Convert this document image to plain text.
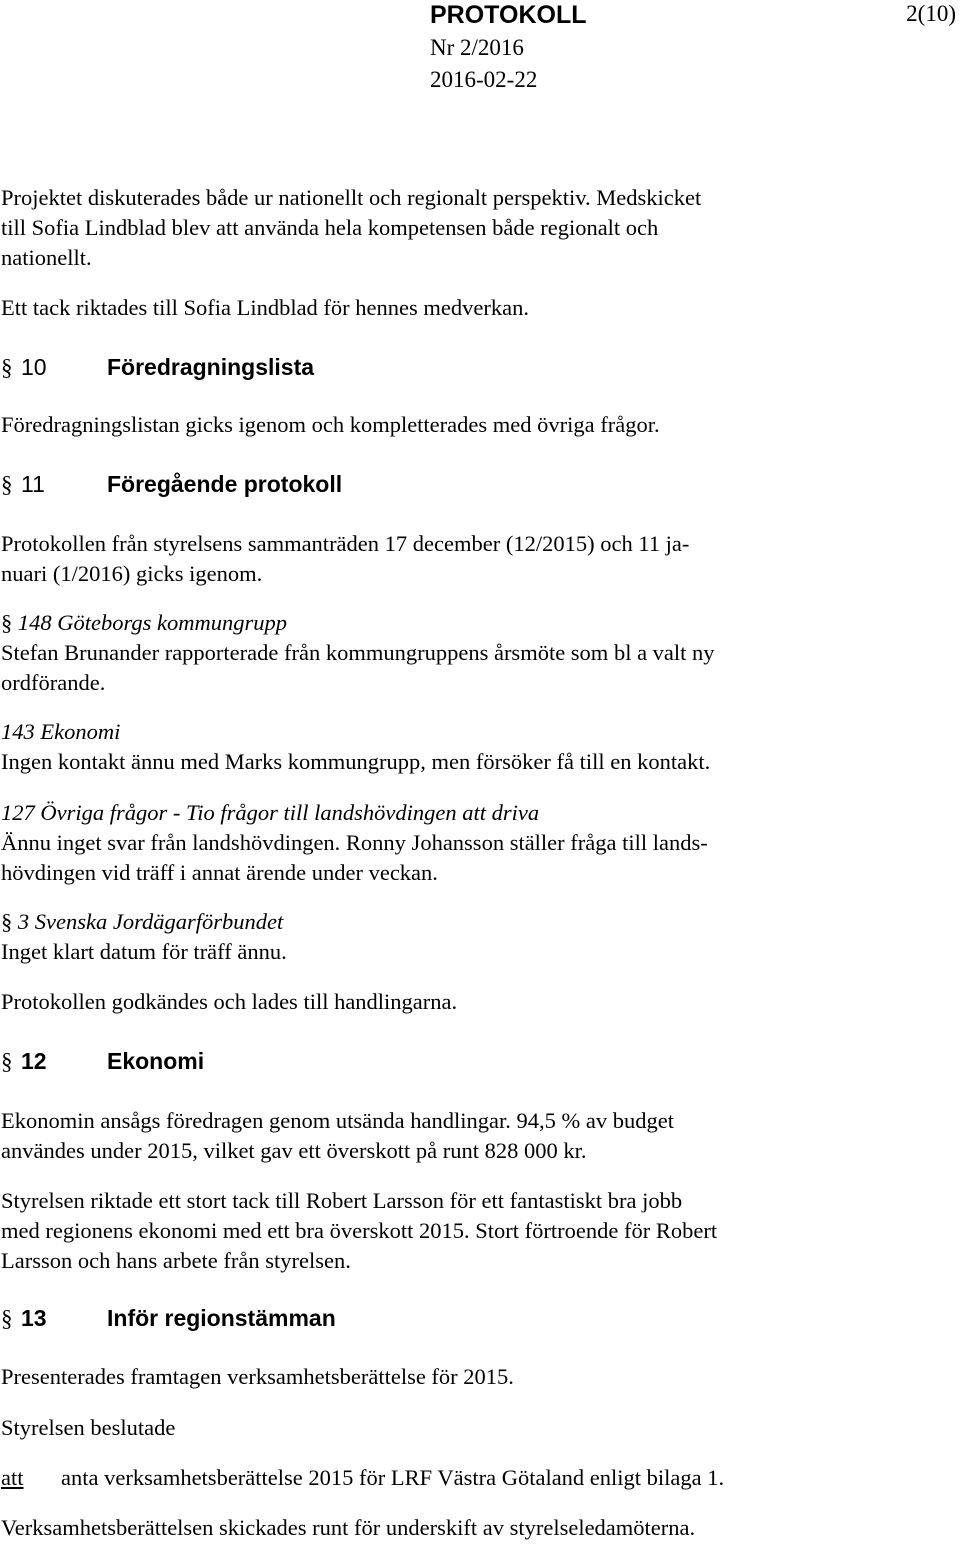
PROTOKOLL	2(10)
Nr 2/2016
2016-02-22
Projektet diskuterades både ur nationellt och regionalt perspektiv. Medskicket
till Sofia Lindblad blev att använda hela kompetensen både regionalt och
nationellt.
Ett tack riktades till Sofia Lindblad för hennes medverkan.
§ 10	Föredragningslista
Föredragningslistan gicks igenom och kompletterades med övriga frågor.
§ 11	Föregående protokoll
Protokollen från styrelsens sammanträden 17 december (12/2015) och 11 ja-
nuari (1/2016) gicks igenom.
§ 148 Göteborgs kommungrupp
Stefan Brunander rapporterade från kommungruppens årsmöte som bl a valt ny
ordförande.
143 Ekonomi
Ingen kontakt ännu med Marks kommungrupp, men försöker få till en kontakt.
127 Övriga frågor - Tio frågor till landshövdingen att driva
Ännu inget svar från landshövdingen. Ronny Johansson ställer fråga till lands-
hövdingen vid träff i annat ärende under veckan.
§ 3 Svenska Jordägarförbundet
Inget klart datum för träff ännu.
Protokollen godkändes och lades till handlingarna.
§ 12	Ekonomi
Ekonomin ansågs föredragen genom utsända handlingar. 94,5 % av budget
användes under 2015, vilket gav ett överskott på runt 828 000 kr.
Styrelsen riktade ett stort tack till Robert Larsson för ett fantastiskt bra jobb
med regionens ekonomi med ett bra överskott 2015. Stort förtroende för Robert
Larsson och hans arbete från styrelsen.
§ 13	Inför regionstämman
Presenterades framtagen verksamhetsberättelse för 2015.
Styrelsen beslutade
att anta verksamhetsberättelse 2015 för LRF Västra Götaland enligt bilaga 1.
Verksamhetsberättelsen skickades runt för underskift av styrelseledamöterna.
